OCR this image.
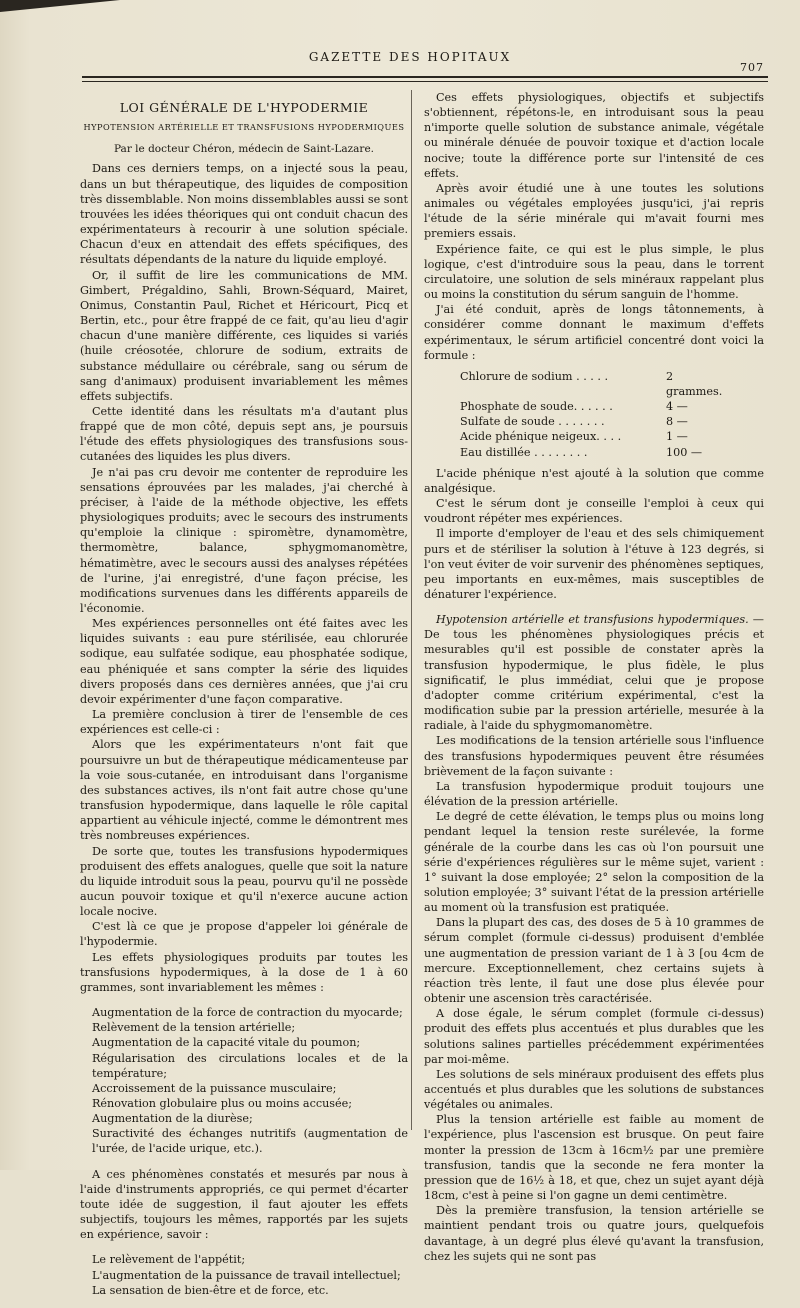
GAZETTE DES HOPITAUX
707

LOI GÉNÉRALE DE L'HYPODERMIE

HYPOTENSION ARTÉRIELLE ET TRANSFUSIONS HYPODERMIQUES

Par le docteur Chéron, médecin de Saint-Lazare.

Dans ces derniers temps, on a injecté sous la peau, dans un but thérapeutique, des liquides de composition très dissemblable. Non moins dissemblables aussi se sont trouvées les idées théoriques qui ont conduit chacun des expérimentateurs à recourir à une solution spéciale. Chacun d'eux en attendait des effets spécifiques, des résultats dépendants de la nature du liquide employé.

Or, il suffit de lire les communications de MM. Gimbert, Prégaldino, Sahli, Brown-Séquard, Mairet, Onimus, Constantin Paul, Richet et Héricourt, Picq et Bertin, etc., pour être frappé de ce fait, qu'au lieu d'agir chacun d'une manière différente, ces liquides si variés (huile créosotée, chlorure de sodium, extraits de substance médullaire ou cérébrale, sang ou sérum de sang d'animaux) produisent invariablement les mêmes effets subjectifs.

Cette identité dans les résultats m'a d'autant plus frappé que de mon côté, depuis sept ans, je poursuis l'étude des effets physiologiques des transfusions sous-cutanées des liquides les plus divers.

Je n'ai pas cru devoir me contenter de reproduire les sensations éprouvées par les malades, j'ai cherché à préciser, à l'aide de la méthode objective, les effets physiologiques produits; avec le secours des instruments qu'emploie la clinique : spiromètre, dynamomètre, thermomètre, balance, sphygmomanomètre, hématimètre, avec le secours aussi des analyses répétées de l'urine, j'ai enregistré, d'une façon précise, les modifications survenues dans les différents appareils de l'économie.

Mes expériences personnelles ont été faites avec les liquides suivants : eau pure stérilisée, eau chlorurée sodique, eau sulfatée sodique, eau phosphatée sodique, eau phéniquée et sans compter la série des liquides divers proposés dans ces dernières années, que j'ai cru devoir expérimenter d'une façon comparative.

La première conclusion à tirer de l'ensemble de ces expériences est celle-ci :

Alors que les expérimentateurs n'ont fait que poursuivre un but de thérapeutique médicamenteuse par la voie sous-cutanée, en introduisant dans l'organisme des substances actives, ils n'ont fait autre chose qu'une transfusion hypodermique, dans laquelle le rôle capital appartient au véhicule injecté, comme le démontrent mes très nombreuses expériences.

De sorte que, toutes les transfusions hypodermiques produisent des effets analogues, quelle que soit la nature du liquide introduit sous la peau, pourvu qu'il ne possède aucun pouvoir toxique et qu'il n'exerce aucune action locale nocive.

C'est là ce que je propose d'appeler loi générale de l'hypodermie.

Les effets physiologiques produits par toutes les transfusions hypodermiques, à la dose de 1 à 60 grammes, sont invariablement les mêmes :

Augmentation de la force de contraction du myocarde;

Relèvement de la tension artérielle;

Augmentation de la capacité vitale du poumon;

Régularisation des circulations locales et de la température;

Accroissement de la puissance musculaire;

Rénovation globulaire plus ou moins accusée;

Augmentation de la diurèse;

Suractivité des échanges nutritifs (augmentation de l'urée, de l'acide urique, etc.).

A ces phénomènes constatés et mesurés par nous à l'aide d'instruments appropriés, ce qui permet d'écarter toute idée de suggestion, il faut ajouter les effets subjectifs, toujours les mêmes, rapportés par les sujets en expérience, savoir :

Le relèvement de l'appétit;

L'augmentation de la puissance de travail intellectuel;

La sensation de bien-être et de force, etc.

Ces effets physiologiques, objectifs et subjectifs s'obtiennent, répétons-le, en introduisant sous la peau n'importe quelle solution de substance animale, végétale ou minérale dénuée de pouvoir toxique et d'action locale nocive; toute la différence porte sur l'intensité de ces effets.

Après avoir étudié une à une toutes les solutions animales ou végétales employées jusqu'ici, j'ai repris l'étude de la série minérale qui m'avait fourni mes premiers essais.

Expérience faite, ce qui est le plus simple, le plus logique, c'est d'introduire sous la peau, dans le torrent circulatoire, une solution de sels minéraux rappelant plus ou moins la constitution du sérum sanguin de l'homme.

J'ai été conduit, après de longs tâtonnements, à considérer comme donnant le maximum d'effets expérimentaux, le sérum artificiel concentré dont voici la formule :

Chlorure de sodium . . . . .	2 grammes.
Phosphate de soude. . . . . .	4 —
Sulfate de soude . . . . . . .	8 —
Acide phénique neigeux. . . .	1 —
Eau distillée . . . . . . . .	100 —

L'acide phénique n'est ajouté à la solution que comme analgésique.

C'est le sérum dont je conseille l'emploi à ceux qui voudront répéter mes expériences.

Il importe d'employer de l'eau et des sels chimiquement purs et de stériliser la solution à l'étuve à 123 degrés, si l'on veut éviter de voir survenir des phénomènes septiques, peu importants en eux-mêmes, mais susceptibles de dénaturer l'expérience.

Hypotension artérielle et transfusions hypodermiques. — De tous les phénomènes physiologiques précis et mesurables qu'il est possible de constater après la transfusion hypodermique, le plus fidèle, le plus significatif, le plus immédiat, celui que je propose d'adopter comme critérium expérimental, c'est la modification subie par la pression artérielle, mesurée à la radiale, à l'aide du sphygmomanomètre.

Les modifications de la tension artérielle sous l'influence des transfusions hypodermiques peuvent être résumées brièvement de la façon suivante :

La transfusion hypodermique produit toujours une élévation de la pression artérielle.

Le degré de cette élévation, le temps plus ou moins long pendant lequel la tension reste surélevée, la forme générale de la courbe dans les cas où l'on poursuit une série d'expériences régulières sur le même sujet, varient : 1° suivant la dose employée; 2° selon la composition de la solution employée; 3° suivant l'état de la pression artérielle au moment où la transfusion est pratiquée.

Dans la plupart des cas, des doses de 5 à 10 grammes de sérum complet (formule ci-dessus) produisent d'emblée une augmentation de pression variant de 1 à 3 [ou 4cm de mercure. Exceptionnellement, chez certains sujets à réaction très lente, il faut une dose plus élevée pour obtenir une ascension très caractérisée.

A dose égale, le sérum complet (formule ci-dessus) produit des effets plus accentués et plus durables que les solutions salines partielles précédemment expérimentées par moi-même.

Les solutions de sels minéraux produisent des effets plus accentués et plus durables que les solutions de substances végétales ou animales.

Plus la tension artérielle est faible au moment de l'expérience, plus l'ascension est brusque. On peut faire monter la pression de 13cm à 16cm½ par une première transfusion, tandis que la seconde ne fera monter la pression que de 16½ à 18, et que, chez un sujet ayant déjà 18cm, c'est à peine si l'on gagne un demi centimètre.

Dès la première transfusion, la tension artérielle se maintient pendant trois ou quatre jours, quelquefois davantage, à un degré plus élevé qu'avant la transfusion, chez les sujets qui ne sont pas
